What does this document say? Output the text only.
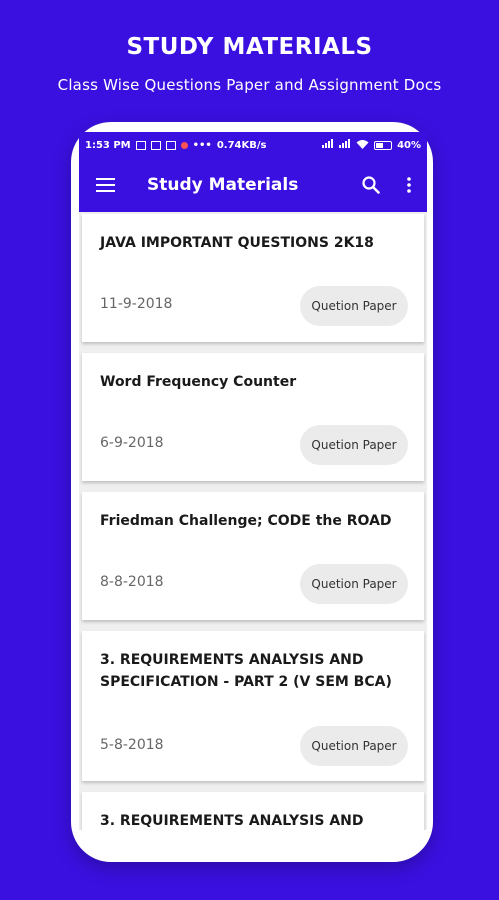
STUDY MATERIALS
Class Wise Questions Paper and Assignment Docs
1:53 PM	••• 0.74KB/s	40%
Study Materials
JAVA IMPORTANT QUESTIONS 2K18
11-9-2018	Quetion Paper
Word Frequency Counter
6-9-2018	Quetion Paper
Friedman Challenge; CODE the ROAD
8-8-2018	Quetion Paper
3. REQUIREMENTS ANALYSIS AND SPECIFICATION - PART 2 (V SEM BCA)
5-8-2018	Quetion Paper
3. REQUIREMENTS ANALYSIS AND
